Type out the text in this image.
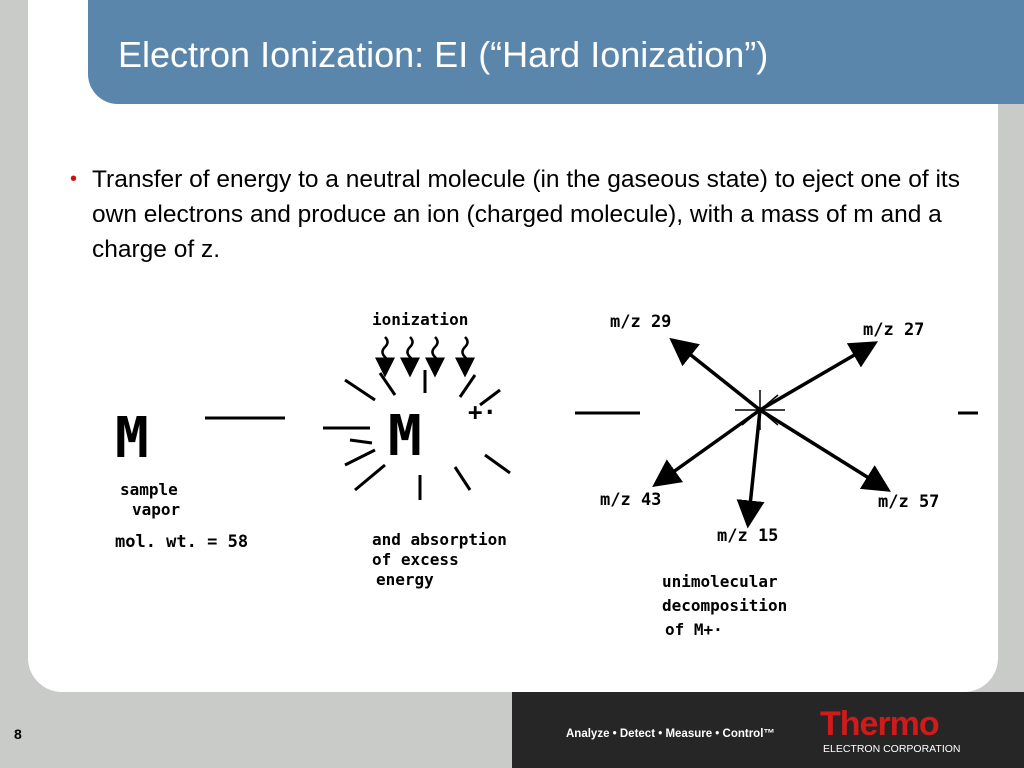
Electron Ionization: EI (“Hard Ionization”)
• Transfer of energy to a neutral molecule (in the gaseous state) to eject one of its own electrons and produce an ion (charged molecule), with a mass of m and a charge of z.
M
sample
vapor
mol. wt. = 58
ionization
M +·
and absorption
of excess
energy
m/z 29	m/z 27
m/z 43	m/z 57
m/z 15
unimolecular
decomposition
of M+·
Analyze • Detect • Measure • Control™ Thermo
ELECTRON CORPORATION
8
